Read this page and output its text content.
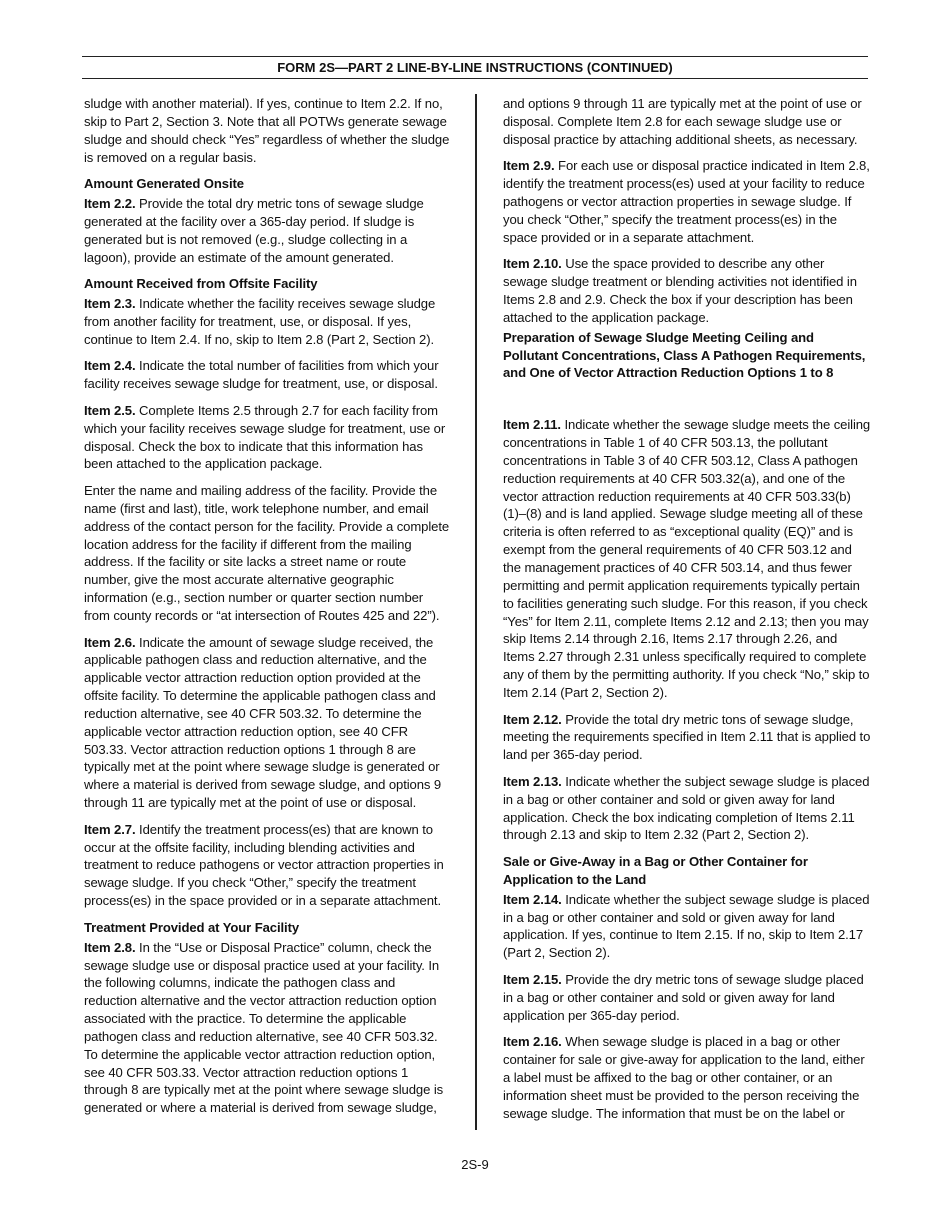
FORM 2S—PART 2 LINE-BY-LINE INSTRUCTIONS (CONTINUED)

sludge with another material). If yes, continue to Item 2.2. If no, skip to Part 2, Section 3. Note that all POTWs generate sewage sludge and should check “Yes” regardless of whether the sludge is removed on a regular basis.

Amount Generated Onsite

Item 2.2. Provide the total dry metric tons of sewage sludge generated at the facility over a 365-day period. If sludge is generated but is not removed (e.g., sludge collecting in a lagoon), provide an estimate of the amount generated.

Amount Received from Offsite Facility

Item 2.3. Indicate whether the facility receives sewage sludge from another facility for treatment, use, or disposal. If yes, continue to Item 2.4. If no, skip to Item 2.8 (Part 2, Section 2).

Item 2.4. Indicate the total number of facilities from which your facility receives sewage sludge for treatment, use, or disposal.

Item 2.5. Complete Items 2.5 through 2.7 for each facility from which your facility receives sewage sludge for treatment, use or disposal. Check the box to indicate that this information has been attached to the application package.

Enter the name and mailing address of the facility. Provide the name (first and last), title, work telephone number, and email address of the contact person for the facility. Provide a complete location address for the facility if different from the mailing address. If the facility or site lacks a street name or route number, give the most accurate alternative geographic information (e.g., section number or quarter section number from county records or “at intersection of Routes 425 and 22”).

Item 2.6. Indicate the amount of sewage sludge received, the applicable pathogen class and reduction alternative, and the applicable vector attraction reduction option provided at the offsite facility. To determine the applicable pathogen class and reduction alternative, see 40 CFR 503.32. To determine the applicable vector attraction reduction option, see 40 CFR 503.33. Vector attraction reduction options 1 through 8 are typically met at the point where sewage sludge is generated or where a material is derived from sewage sludge, and options 9 through 11 are typically met at the point of use or disposal.

Item 2.7. Identify the treatment process(es) that are known to occur at the offsite facility, including blending activities and treatment to reduce pathogens or vector attraction properties in sewage sludge. If you check “Other,” specify the treatment process(es) in the space provided or in a separate attachment.

Treatment Provided at Your Facility

Item 2.8. In the “Use or Disposal Practice” column, check the sewage sludge use or disposal practice used at your facility. In the following columns, indicate the pathogen class and reduction alternative and the vector attraction reduction option associated with the practice. To determine the applicable pathogen class and reduction alternative, see 40 CFR 503.32. To determine the applicable vector attraction reduction option, see 40 CFR 503.33. Vector attraction reduction options 1 through 8 are typically met at the point where sewage sludge is generated or where a material is derived from sewage sludge,

and options 9 through 11 are typically met at the point of use or disposal. Complete Item 2.8 for each sewage sludge use or disposal practice by attaching additional sheets, as necessary.

Item 2.9. For each use or disposal practice indicated in Item 2.8, identify the treatment process(es) used at your facility to reduce pathogens or vector attraction properties in sewage sludge. If you check “Other,” specify the treatment process(es) in the space provided or in a separate attachment.

Item 2.10. Use the space provided to describe any other sewage sludge treatment or blending activities not identified in Items 2.8 and 2.9. Check the box if your description has been attached to the application package.

Preparation of Sewage Sludge Meeting Ceiling and Pollutant Concentrations, Class A Pathogen Requirements, and One of Vector Attraction Reduction Options 1 to 8

Item 2.11. Indicate whether the sewage sludge meets the ceiling concentrations in Table 1 of 40 CFR 503.13, the pollutant concentrations in Table 3 of 40 CFR 503.12, Class A pathogen reduction requirements at 40 CFR 503.32(a), and one of the vector attraction reduction requirements at 40 CFR 503.33(b)(1)–(8) and is land applied. Sewage sludge meeting all of these criteria is often referred to as “exceptional quality (EQ)” and is exempt from the general requirements of 40 CFR 503.12 and the management practices of 40 CFR 503.14, and thus fewer permitting and permit application requirements typically pertain to facilities generating such sludge. For this reason, if you check “Yes” for Item 2.11, complete Items 2.12 and 2.13; then you may skip Items 2.14 through 2.16, Items 2.17 through 2.26, and Items 2.27 through 2.31 unless specifically required to complete any of them by the permitting authority. If you check “No,” skip to Item 2.14 (Part 2, Section 2).

Item 2.12. Provide the total dry metric tons of sewage sludge, meeting the requirements specified in Item 2.11 that is applied to land per 365-day period.

Item 2.13. Indicate whether the subject sewage sludge is placed in a bag or other container and sold or given away for land application. Check the box indicating completion of Items 2.11 through 2.13 and skip to Item 2.32 (Part 2, Section 2).

Sale or Give-Away in a Bag or Other Container for Application to the Land

Item 2.14. Indicate whether the subject sewage sludge is placed in a bag or other container and sold or given away for land application. If yes, continue to Item 2.15. If no, skip to Item 2.17 (Part 2, Section 2).

Item 2.15. Provide the dry metric tons of sewage sludge placed in a bag or other container and sold or given away for land application per 365-day period.

Item 2.16. When sewage sludge is placed in a bag or other container for sale or give-away for application to the land, either a label must be affixed to the bag or other container, or an information sheet must be provided to the person receiving the sewage sludge. The information that must be on the label or

2S-9
